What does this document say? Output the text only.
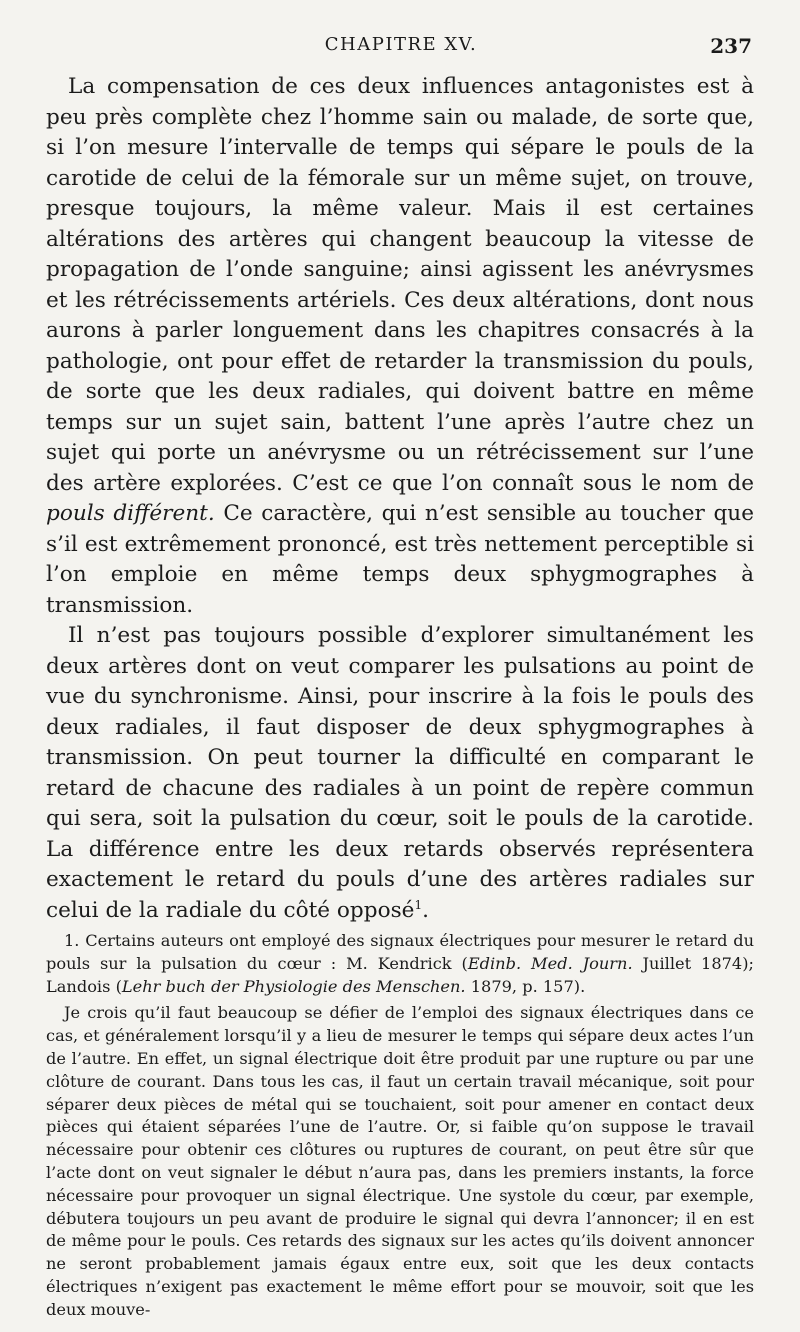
CHAPITRE XV.	237

La compensation de ces deux influences antagonistes est à peu près complète chez l’homme sain ou malade, de sorte que, si l’on mesure l’intervalle de temps qui sépare le pouls de la carotide de celui de la fémorale sur un même sujet, on trouve, presque toujours, la même valeur. Mais il est certaines altérations des artères qui changent beaucoup la vitesse de propagation de l’onde sanguine; ainsi agissent les anévrysmes et les rétrécissements artériels. Ces deux altérations, dont nous aurons à parler longuement dans les chapitres consacrés à la pathologie, ont pour effet de retarder la transmission du pouls, de sorte que les deux radiales, qui doivent battre en même temps sur un sujet sain, battent l’une après l’autre chez un sujet qui porte un anévrysme ou un rétrécissement sur l’une des artère explorées. C’est ce que l’on connaît sous le nom de pouls différent. Ce caractère, qui n’est sensible au toucher que s’il est extrêmement prononcé, est très nettement perceptible si l’on emploie en même temps deux sphygmographes à transmission.

Il n’est pas toujours possible d’explorer simultanément les deux artères dont on veut comparer les pulsations au point de vue du synchronisme. Ainsi, pour inscrire à la fois le pouls des deux radiales, il faut disposer de deux sphygmographes à transmission. On peut tourner la difficulté en comparant le retard de chacune des radiales à un point de repère commun qui sera, soit la pulsation du cœur, soit le pouls de la carotide. La différence entre les deux retards observés représentera exactement le retard du pouls d’une des artères radiales sur celui de la radiale du côté opposé$^1$.

1. Certains auteurs ont employé des signaux électriques pour mesurer le retard du pouls sur la pulsation du cœur : M. Kendrick (Edinb. Med. Journ. Juillet 1874); Landois (Lehr buch der Physiologie des Menschen. 1879, p. 157).

Je crois qu’il faut beaucoup se défier de l’emploi des signaux électriques dans ce cas, et généralement lorsqu’il y a lieu de mesurer le temps qui sépare deux actes l’un de l’autre. En effet, un signal électrique doit être produit par une rupture ou par une clôture de courant. Dans tous les cas, il faut un certain travail mécanique, soit pour séparer deux pièces de métal qui se touchaient, soit pour amener en contact deux pièces qui étaient séparées l’une de l’autre. Or, si faible qu’on suppose le travail nécessaire pour obtenir ces clôtures ou ruptures de courant, on peut être sûr que l’acte dont on veut signaler le début n’aura pas, dans les premiers instants, la force nécessaire pour provoquer un signal électrique. Une systole du cœur, par exemple, débutera toujours un peu avant de produire le signal qui devra l’annoncer; il en est de même pour le pouls. Ces retards des signaux sur les actes qu’ils doivent annoncer ne seront probablement jamais égaux entre eux, soit que les deux contacts électriques n’exigent pas exactement le même effort pour se mouvoir, soit que les deux mouve-
